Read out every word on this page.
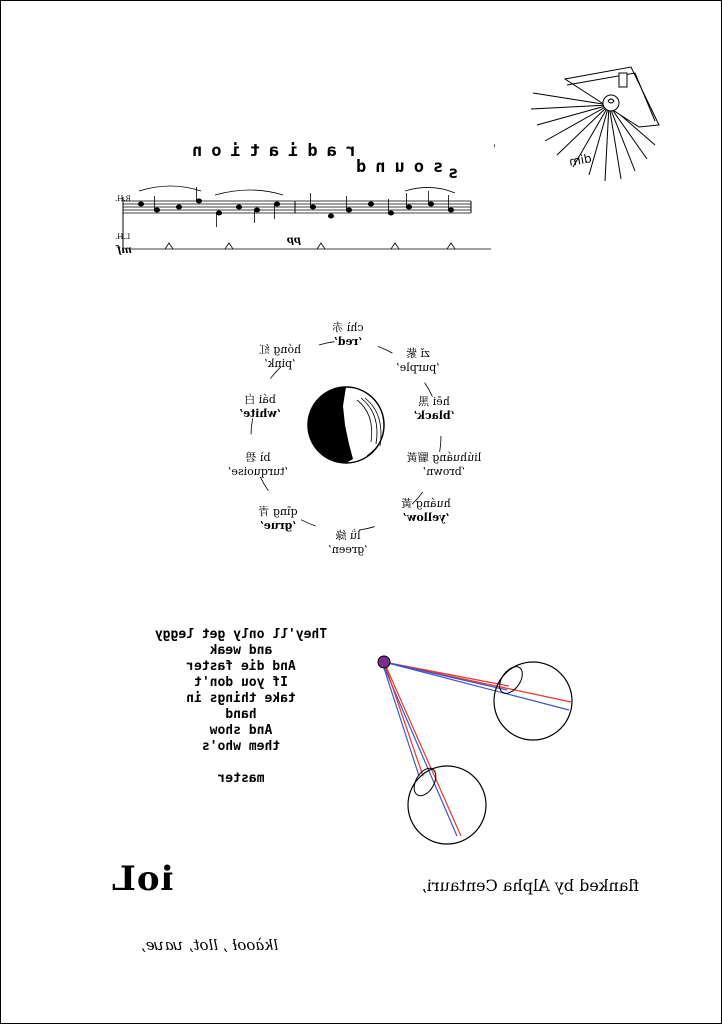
radiation
sound
s
ˈ
R.H.
L.H.	pp
mf
dim
chì 赤
‘red’
zǐ 紫
‘purple’
hēi 黑
‘black’
liúhuáng 騮黃
‘brown’
huáng 黃
‘yellow’
lǜ 綠
‘green’
qīng 青
‘grue’
bì 碧
‘turquoise’
bái 白
‘white’
hóng 紅
‘pink’
They'll only get leggy
and weak
And die faster
If you don't
take things in
hand
And show
them who's

master
flanked by Alpha Centauri,
ioL
lkàooł , llot, ꭒaꭒe,
